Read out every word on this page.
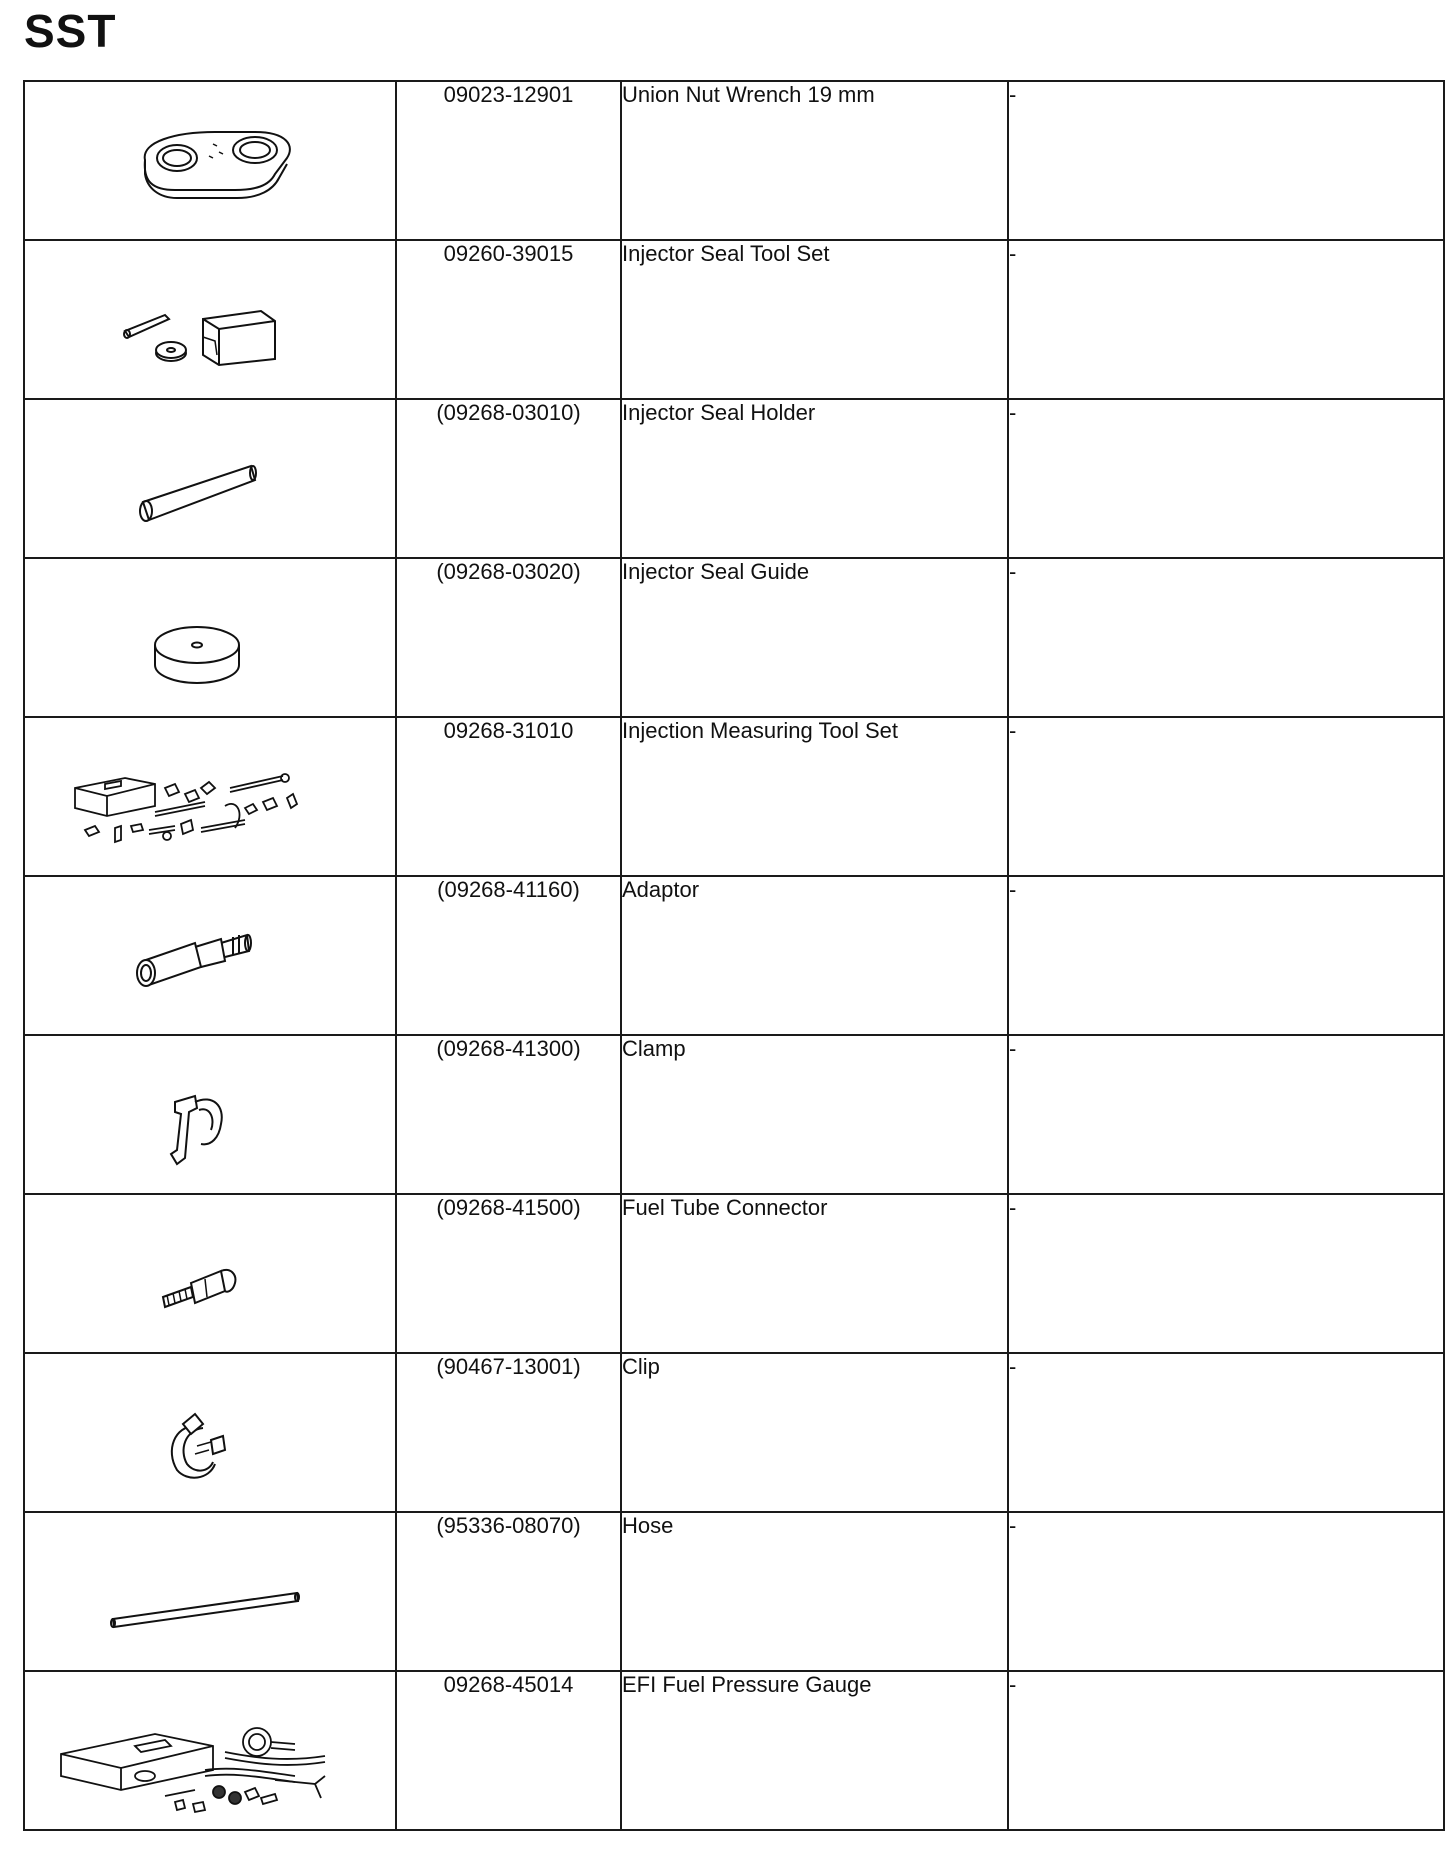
SST
	09023-12901	Union Nut Wrench 19 mm	-

	09260-39015	Injector Seal Tool Set	-

	(09268-03010)	Injector Seal Holder	-

	(09268-03020)	Injector Seal Guide	-

	09268-31010	Injection Measuring Tool Set	-

	(09268-41160)	Adaptor	-

	(09268-41300)	Clamp	-

	(09268-41500)	Fuel Tube Connector	-

	(90467-13001)	Clip	-

	(95336-08070)	Hose	-

	09268-45014	EFI Fuel Pressure Gauge	-
